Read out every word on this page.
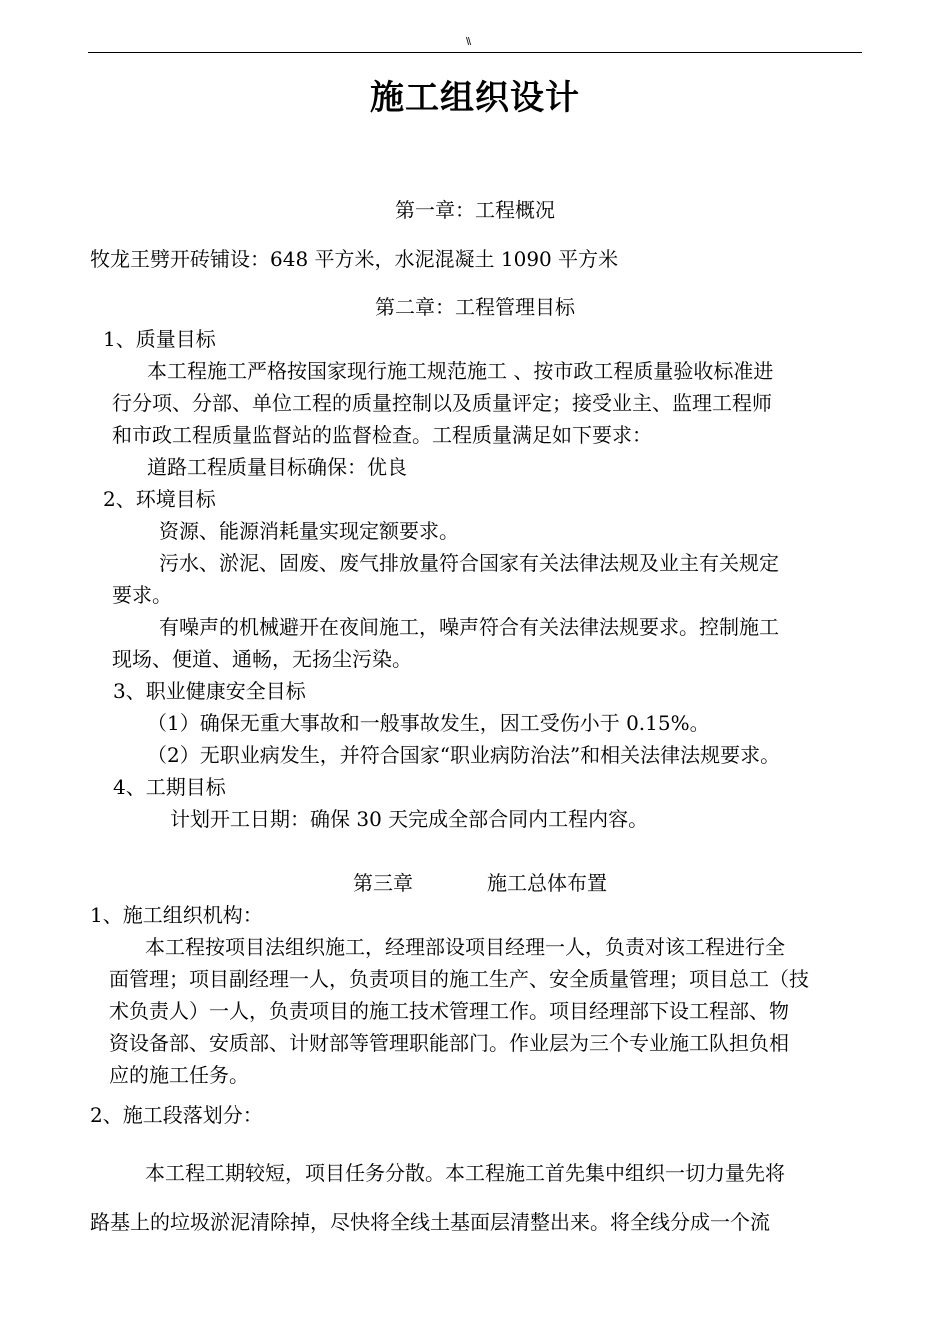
\\
施工组织设计
第一章：工程概况
牧龙王劈开砖铺设：648 平方米，水泥混凝土 1090 平方米
第二章：工程管理目标
1、质量目标
本工程施工严格按国家现行施工规范施工 、按市政工程质量验收标准进
行分项、分部、单位工程的质量控制以及质量评定；接受业主、监理工程师
和市政工程质量监督站的监督检查。工程质量满足如下要求：
道路工程质量目标确保：优良
2、环境目标
资源、能源消耗量实现定额要求。
污水、淤泥、固废、废气排放量符合国家有关法律法规及业主有关规定
要求。
有噪声的机械避开在夜间施工，噪声符合有关法律法规要求。控制施工
现场、便道、通畅，无扬尘污染。
3、职业健康安全目标
（1）确保无重大事故和一般事故发生，因工受伤小于 0.15%。
（2）无职业病发生，并符合国家“职业病防治法”和相关法律法规要求。
4、工期目标
计划开工日期：确保 30 天完成全部合同内工程内容。
第三章	施工总体布置
1、施工组织机构：
本工程按项目法组织施工，经理部设项目经理一人，负责对该工程进行全
面管理；项目副经理一人，负责项目的施工生产、安全质量管理；项目总工（技
术负责人）一人，负责项目的施工技术管理工作。项目经理部下设工程部、物
资设备部、安质部、计财部等管理职能部门。作业层为三个专业施工队担负相
应的施工任务。
2、施工段落划分：
本工程工期较短，项目任务分散。本工程施工首先集中组织一切力量先将
路基上的垃圾淤泥清除掉，尽快将全线土基面层清整出来。将全线分成一个流
